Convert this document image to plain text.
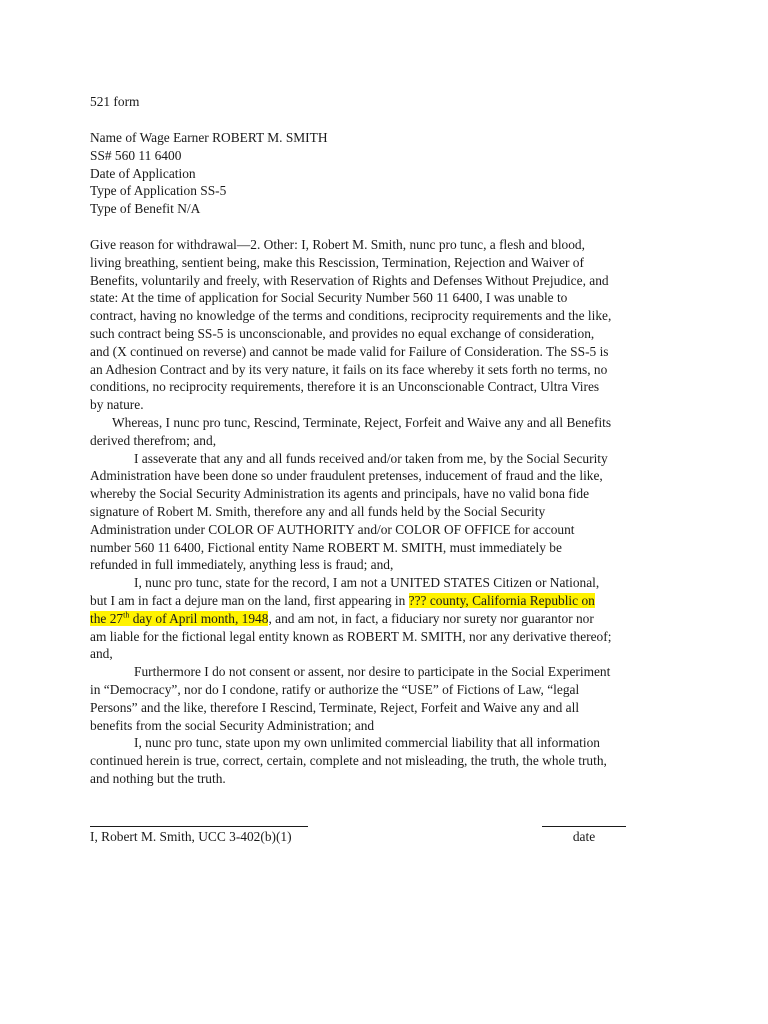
521 form
Name of Wage Earner ROBERT M. SMITH
SS# 560 11 6400
Date of Application
Type of Application SS-5
Type of Benefit N/A
Give reason for withdrawal—2. Other: I, Robert M. Smith, nunc pro tunc, a flesh and blood,
living breathing, sentient being, make this Rescission, Termination, Rejection and Waiver of
Benefits, voluntarily and freely, with Reservation of Rights and Defenses Without Prejudice, and
state: At the time of application for Social Security Number 560 11 6400, I was unable to
contract, having no knowledge of the terms and conditions, reciprocity requirements and the like,
such contract being SS-5 is unconscionable, and provides no equal exchange of consideration,
and (X continued on reverse) and cannot be made valid for Failure of Consideration. The SS-5 is
an Adhesion Contract and by its very nature, it fails on its face whereby it sets forth no terms, no
conditions, no reciprocity requirements, therefore it is an Unconscionable Contract, Ultra Vires
by nature.
Whereas, I nunc pro tunc, Rescind, Terminate, Reject, Forfeit and Waive any and all Benefits
derived therefrom; and,
I asseverate that any and all funds received and/or taken from me, by the Social Security
Administration have been done so under fraudulent pretenses, inducement of fraud and the like,
whereby the Social Security Administration its agents and principals, have no valid bona fide
signature of Robert M. Smith, therefore any and all funds held by the Social Security
Administration under COLOR OF AUTHORITY and/or COLOR OF OFFICE for account
number 560 11 6400, Fictional entity Name ROBERT M. SMITH, must immediately be
refunded in full immediately, anything less is fraud; and,
I, nunc pro tunc, state for the record, I am not a UNITED STATES Citizen or National,
but I am in fact a dejure man on the land, first appearing in ??? county, California Republic on
the 27th day of April month, 1948, and am not, in fact, a fiduciary nor surety nor guarantor nor
am liable for the fictional legal entity known as ROBERT M. SMITH, nor any derivative thereof;
and,
Furthermore I do not consent or assent, nor desire to participate in the Social Experiment
in “Democracy”, nor do I condone, ratify or authorize the “USE” of Fictions of Law, “legal
Persons” and the like, therefore I Rescind, Terminate, Reject, Forfeit and Waive any and all
benefits from the social Security Administration; and
I, nunc pro tunc, state upon my own unlimited commercial liability that all information
continued herein is true, correct, certain, complete and not misleading, the truth, the whole truth,
and nothing but the truth.
I, Robert M. Smith, UCC 3-402(b)(1)	date
